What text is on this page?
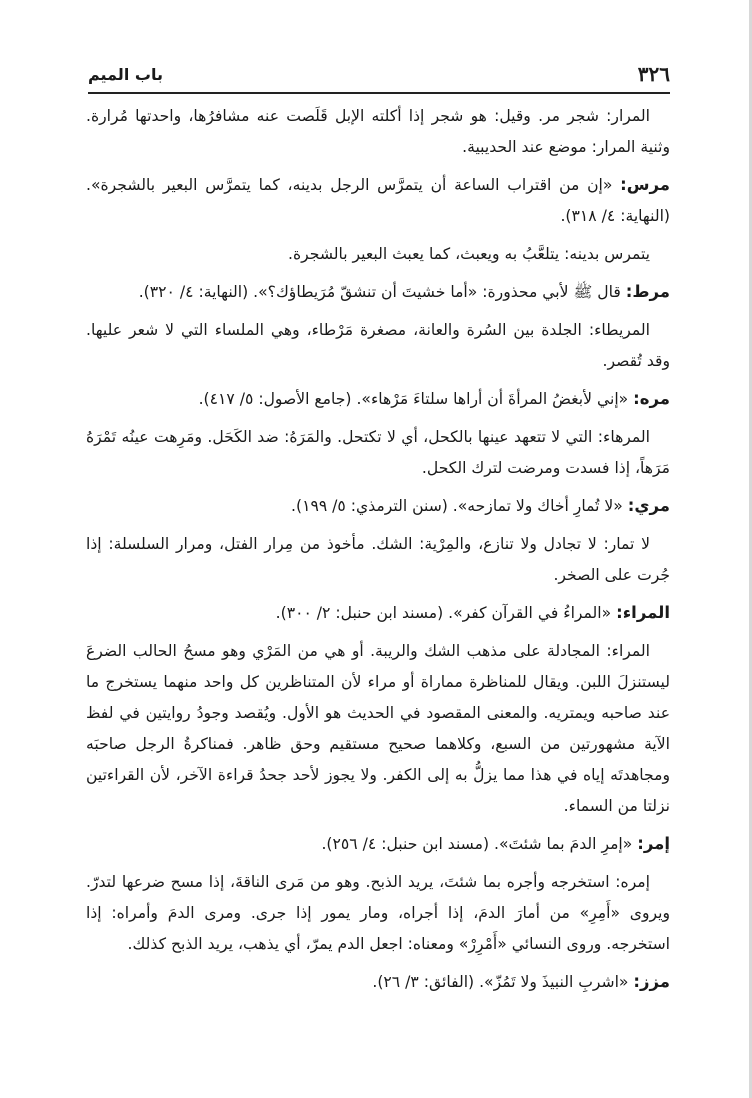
٣٢٦
باب الميم

المرار: شجر مر. وقيل: هو شجر إذا أكلته الإبل قَلَصت عنه مشافرُها، واحدتها مُرارة. وثنية المرار: موضع عند الحديبية.

مرس: «إن من اقتراب الساعة أن يتمرَّس الرجل بدينه، كما يتمرَّس البعير بالشجرة». (النهاية: ٤/ ٣١٨).

يتمرس بدينه: يتلعَّبُ به ويعبث، كما يعبث البعير بالشجرة.

مرط: قال ﷺ لأبي محذورة: «أما خشيتَ أن تنشقّ مُرَيطاؤك؟». (النهاية: ٤/ ٣٢٠).

المريطاء: الجلدة بين السُرة والعانة، مصغرة مَرْطاء، وهي الملساء التي لا شعر عليها. وقد تُقصر.

مره: «إني لأبغضُ المرأةَ أن أراها سلتاءَ مَرْهاء». (جامع الأصول: ٥/ ٤١٧).

المرهاء: التي لا تتعهد عينها بالكحل، أي لا تكتحل. والمَرَهُ: ضد الكَحَل. ومَرِهت عينُه تَمْرَهُ مَرَهاً، إذا فسدت ومرضت لترك الكحل.

مري: «لا تُمارِ أخاك ولا تمازحه». (سنن الترمذي: ٥/ ١٩٩).

لا تمار: لا تجادل ولا تنازع، والمِرْية: الشك. مأخوذ من مِرار الفتل، ومرار السلسلة: إذا جُرت على الصخر.

المراء: «المراءُ في القرآن كفر». (مسند ابن حنبل: ٢/ ٣٠٠).

المراء: المجادلة على مذهب الشك والريبة. أو هي من المَرْي وهو مسحُ الحالب الضرعَ ليستنزلَ اللبن. ويقال للمناظرة مماراة أو مراء لأن المتناظرين كل واحد منهما يستخرج ما عند صاحبه ويمتريه. والمعنى المقصود في الحديث هو الأول. ويُقصد وجودُ روايتين في لفظ الآية مشهورتين من السبع، وكلاهما صحيح مستقيم وحق ظاهر. فمناكرةُ الرجل صاحبَه ومجاهدتَه إياه في هذا مما يزلُّ به إلى الكفر. ولا يجوز لأحد جحدُ قراءة الآخر، لأن القراءتين نزلتا من السماء.

إمر: «إمرِ الدمَ بما شئتَ». (مسند ابن حنبل: ٤/ ٢٥٦).

إمره: استخرجه وأجره بما شئتَ، يريد الذبح. وهو من مَرى الناقةَ، إذا مسح ضرعها لتدرّ. ويروى «أَمِرِ» من أمارَ الدمَ، إذا أجراه، ومار يمور إذا جرى. ومرى الدمَ وأمراه: إذا استخرجه. وروى النسائي «أَمْرِرْ» ومعناه: اجعل الدم يمرّ، أي يذهب، يريد الذبح كذلك.

مزز: «اشربِ النبيذَ ولا تَمُزّ». (الفائق: ٣/ ٢٦).
